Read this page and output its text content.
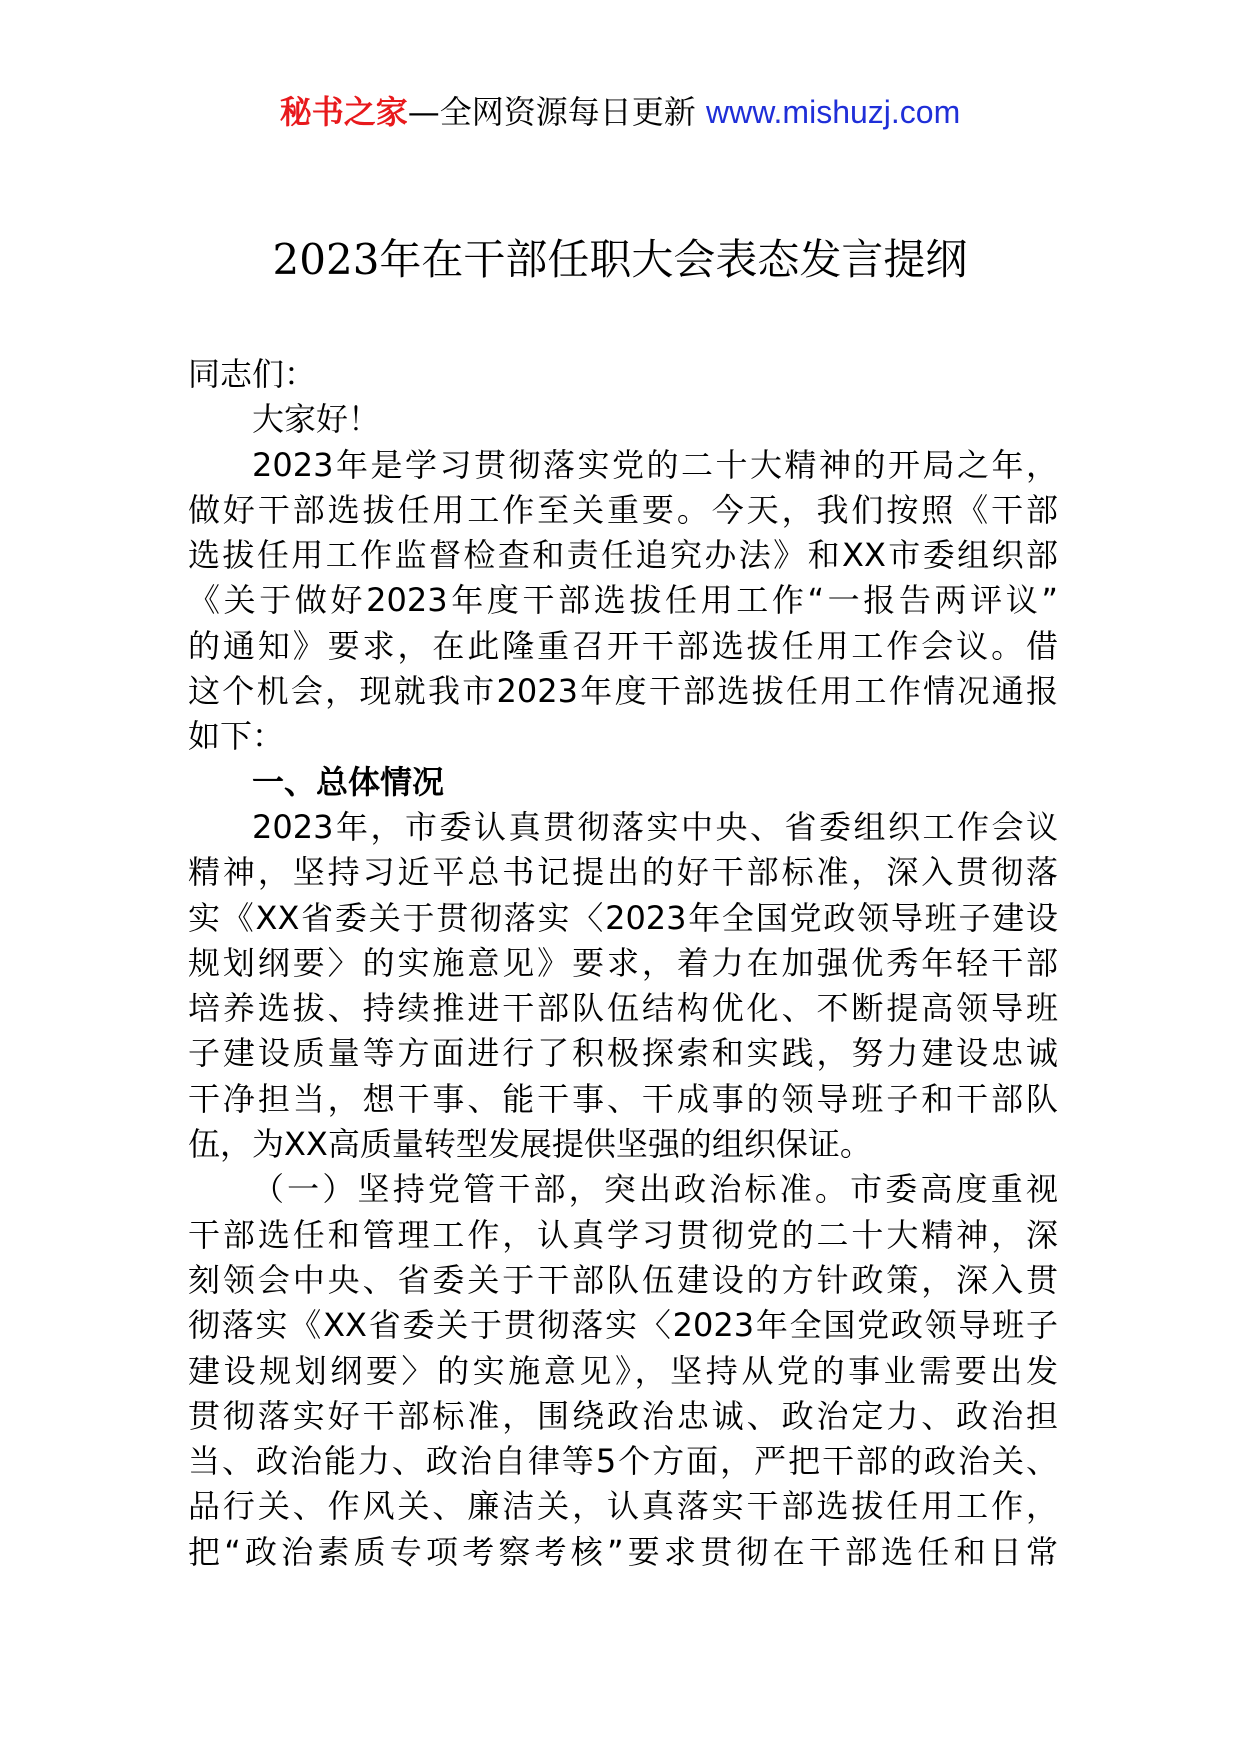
秘书之家—全网资源每日更新 www.mishuzj.com
2023年在干部任职大会表态发言提纲
同志们：
大家好！
2023年是学习贯彻落实党的二十大精神的开局之年，
做好干部选拔任用工作至关重要。今天，我们按照《干部
选拔任用工作监督检查和责任追究办法》和XX市委组织部
《关于做好2023年度干部选拔任用工作“一报告两评议”
的通知》要求，在此隆重召开干部选拔任用工作会议。借
这个机会，现就我市2023年度干部选拔任用工作情况通报
如下：
一、总体情况
2023年，市委认真贯彻落实中央、省委组织工作会议
精神，坚持习近平总书记提出的好干部标准，深入贯彻落
实《XX省委关于贯彻落实〈2023年全国党政领导班子建设
规划纲要〉的实施意见》要求，着力在加强优秀年轻干部
培养选拔、持续推进干部队伍结构优化、不断提高领导班
子建设质量等方面进行了积极探索和实践，努力建设忠诚
干净担当，想干事、能干事、干成事的领导班子和干部队
伍，为XX高质量转型发展提供坚强的组织保证。
（一）坚持党管干部，突出政治标准。市委高度重视
干部选任和管理工作，认真学习贯彻党的二十大精神，深
刻领会中央、省委关于干部队伍建设的方针政策，深入贯
彻落实《XX省委关于贯彻落实〈2023年全国党政领导班子
建设规划纲要〉的实施意见》，坚持从党的事业需要出发
贯彻落实好干部标准，围绕政治忠诚、政治定力、政治担
当、政治能力、政治自律等5个方面，严把干部的政治关、
品行关、作风关、廉洁关，认真落实干部选拔任用工作，
把“政治素质专项考察考核”要求贯彻在干部选任和日常
